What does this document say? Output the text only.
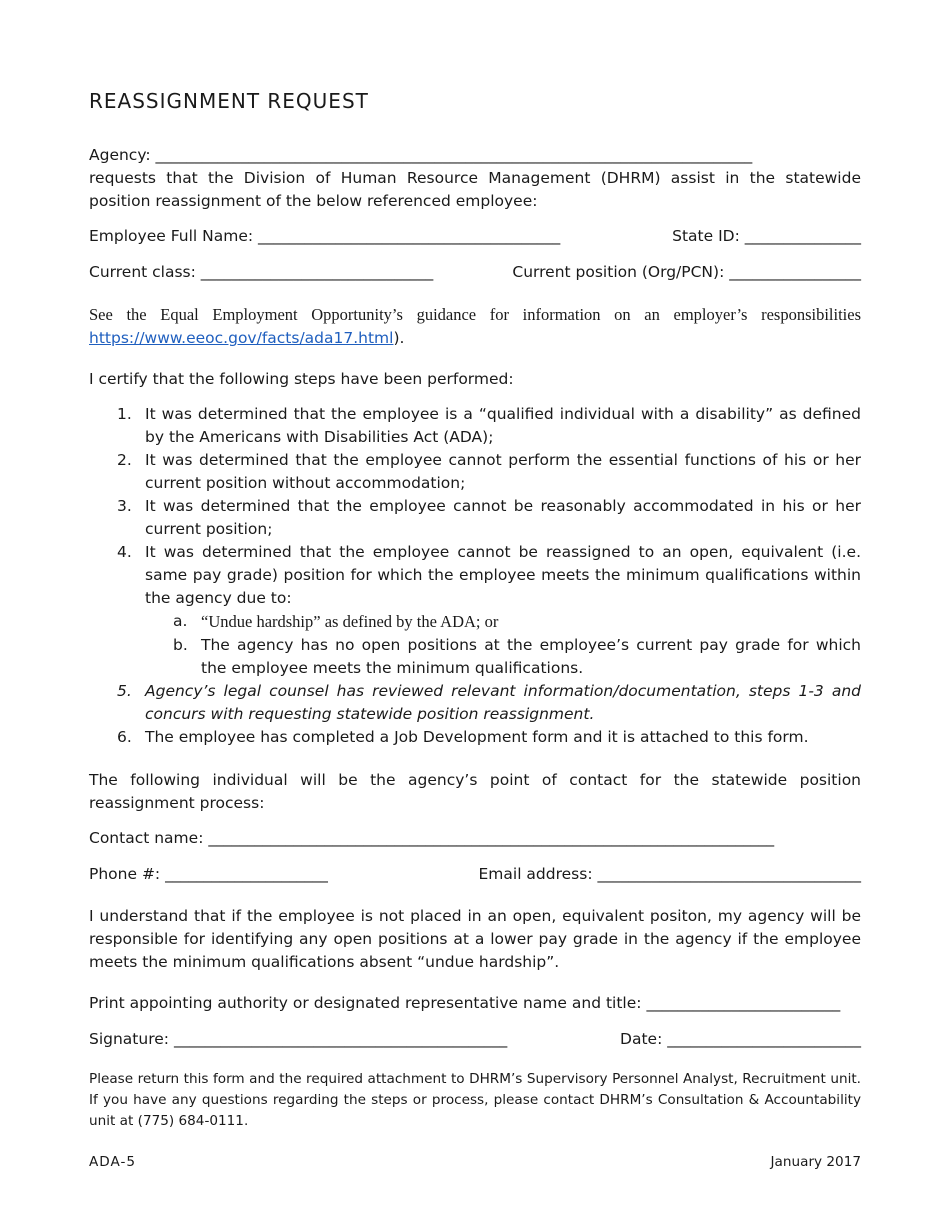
REASSIGNMENT REQUEST
Agency: _____________________________________________________________________________
requests that the Division of Human Resource Management (DHRM) assist in the statewide position reassignment of the below referenced employee:
Employee Full Name: _______________________________________	State ID: _______________
Current class: ______________________________	Current position (Org/PCN): _________________
See the Equal Employment Opportunity’s guidance for information on an employer’s responsibilities https://www.eeoc.gov/facts/ada17.html).
I certify that the following steps have been performed:
1. It was determined that the employee is a “qualified individual with a disability” as defined by the Americans with Disabilities Act (ADA);
2. It was determined that the employee cannot perform the essential functions of his or her current position without accommodation;
3. It was determined that the employee cannot be reasonably accommodated in his or her current position;
4. It was determined that the employee cannot be reassigned to an open, equivalent (i.e. same pay grade) position for which the employee meets the minimum qualifications within the agency due to:
a. “Undue hardship” as defined by the ADA; or
b. The agency has no open positions at the employee’s current pay grade for which the employee meets the minimum qualifications.
5. Agency’s legal counsel has reviewed relevant information/documentation, steps 1-3 and concurs with requesting statewide position reassignment.
6. The employee has completed a Job Development form and it is attached to this form.
The following individual will be the agency’s point of contact for the statewide position reassignment process:
Contact name: _________________________________________________________________________
Phone #: _____________________	Email address: __________________________________
I understand that if the employee is not placed in an open, equivalent positon, my agency will be responsible for identifying any open positions at a lower pay grade in the agency if the employee meets the minimum qualifications absent “undue hardship”.
Print appointing authority or designated representative name and title: _________________________
Signature: ___________________________________________	Date: _________________________
Please return this form and the required attachment to DHRM’s Supervisory Personnel Analyst, Recruitment unit. If you have any questions regarding the steps or process, please contact DHRM’s Consultation & Accountability unit at (775) 684-0111.
ADA-5	January 2017
